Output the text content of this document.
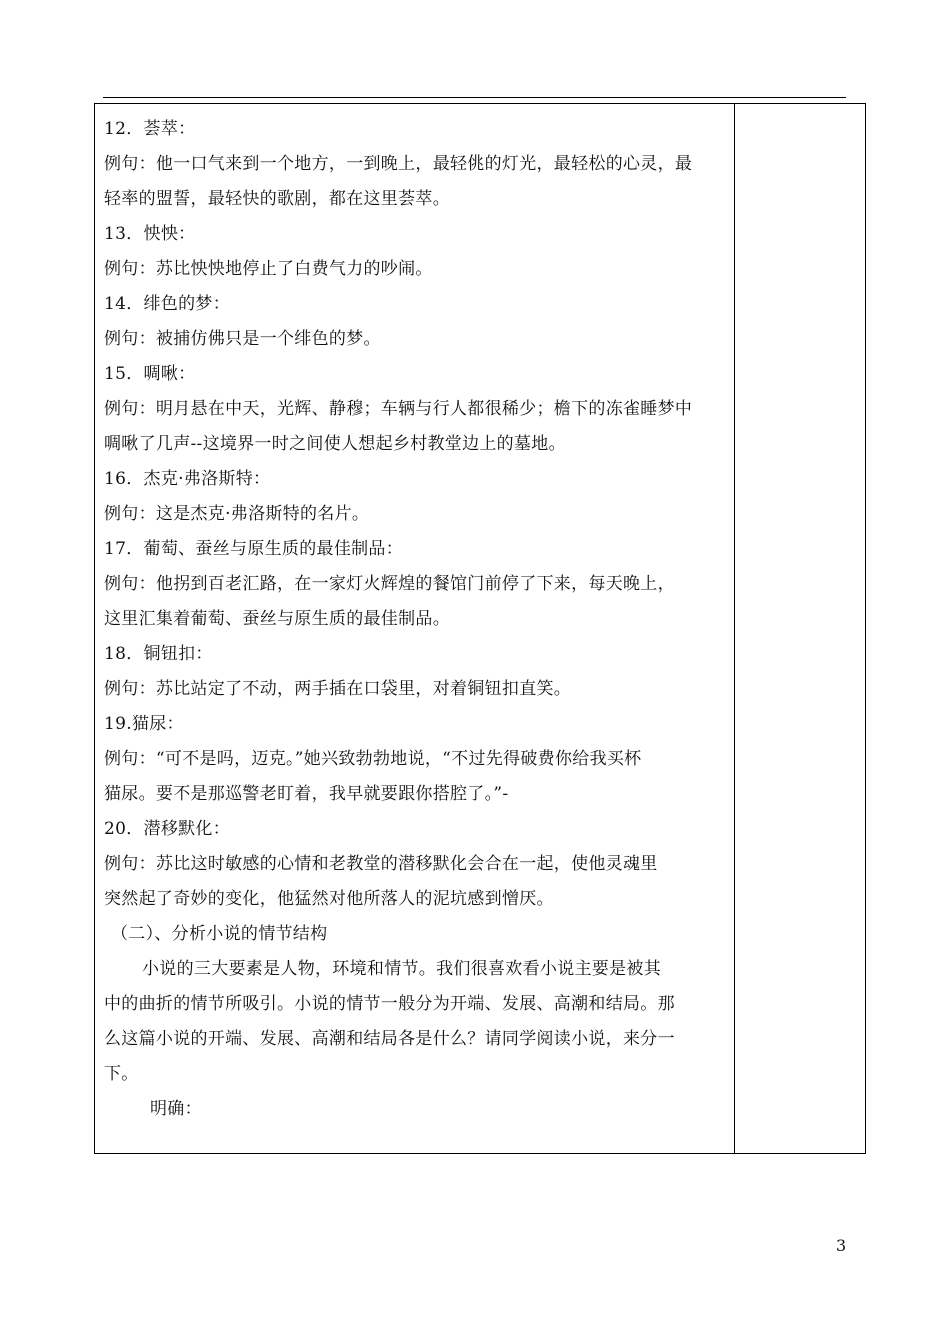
12．荟萃：
例句：他一口气来到一个地方，一到晚上，最轻佻的灯光，最轻松的心灵，最
轻率的盟誓，最轻快的歌剧，都在这里荟萃。
13．怏怏：
例句：苏比怏怏地停止了白费气力的吵闹。
14．绯色的梦：
例句：被捕仿佛只是一个绯色的梦。
15．啁啾：
例句：明月悬在中天，光辉、静穆；车辆与行人都很稀少；檐下的冻雀睡梦中
啁啾了几声--这境界一时之间使人想起乡村教堂边上的墓地。
16．杰克·弗洛斯特：
例句：这是杰克·弗洛斯特的名片。
17．葡萄、蚕丝与原生质的最佳制品：
例句：他拐到百老汇路，在一家灯火辉煌的餐馆门前停了下来，每天晚上，
这里汇集着葡萄、蚕丝与原生质的最佳制品。
18．铜钮扣：
例句：苏比站定了不动，两手插在口袋里，对着铜钮扣直笑。
19.猫尿：
例句：“可不是吗，迈克。”她兴致勃勃地说，“不过先得破费你给我买杯
猫尿。要不是那巡警老盯着，我早就要跟你搭腔了。”-
20．潜移默化：
例句：苏比这时敏感的心情和老教堂的潜移默化会合在一起，使他灵魂里
突然起了奇妙的变化，他猛然对他所落人的泥坑感到憎厌。
（二）、分析小说的情节结构
小说的三大要素是人物，环境和情节。我们很喜欢看小说主要是被其
中的曲折的情节所吸引。小说的情节一般分为开端、发展、高潮和结局。那
么这篇小说的开端、发展、高潮和结局各是什么？请同学阅读小说，来分一
下。
明确：
3
